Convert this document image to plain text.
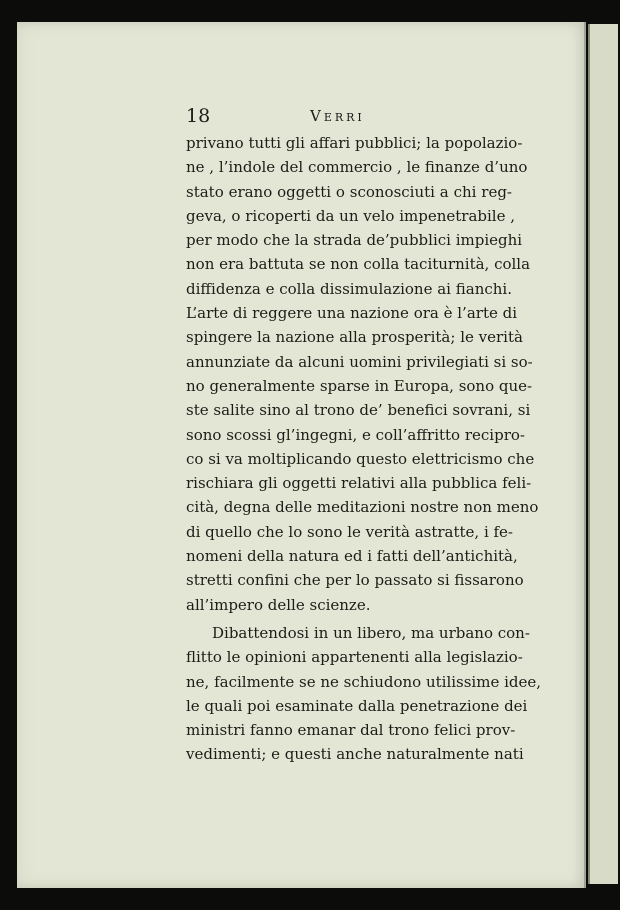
18	Verri
privano tutti gli affari pubblici; la popolazio-
ne , l’indole del commercio , le finanze d’uno
stato erano oggetti o sconosciuti a chi reg-
geva, o ricoperti da un velo impenetrabile ,
per modo che la strada de’pubblici impieghi
non era battuta se non colla taciturnità, colla
diffidenza e colla dissimulazione ai fianchi.
L’arte di reggere una nazione ora è l’arte di
spingere la nazione alla prosperità; le verità
annunziate da alcuni uomini privilegiati si so-
no generalmente sparse in Europa, sono que-
ste salite sino al trono de’ benefici sovrani, si
sono scossi gl’ingegni, e coll’affritto recipro-
co si va moltiplicando questo elettricismo che
rischiara gli oggetti relativi alla pubblica feli-
cità, degna delle meditazioni nostre non meno
di quello che lo sono le verità astratte, i fe-
nomeni della natura ed i fatti dell’antichità,
stretti confini che per lo passato si fissarono
all’impero delle scienze.
Dibattendosi in un libero, ma urbano con-
flitto le opinioni appartenenti alla legislazio-
ne, facilmente se ne schiudono utilissime idee,
le quali poi esaminate dalla penetrazione dei
ministri fanno emanar dal trono felici prov-
vedimenti; e questi anche naturalmente nati
